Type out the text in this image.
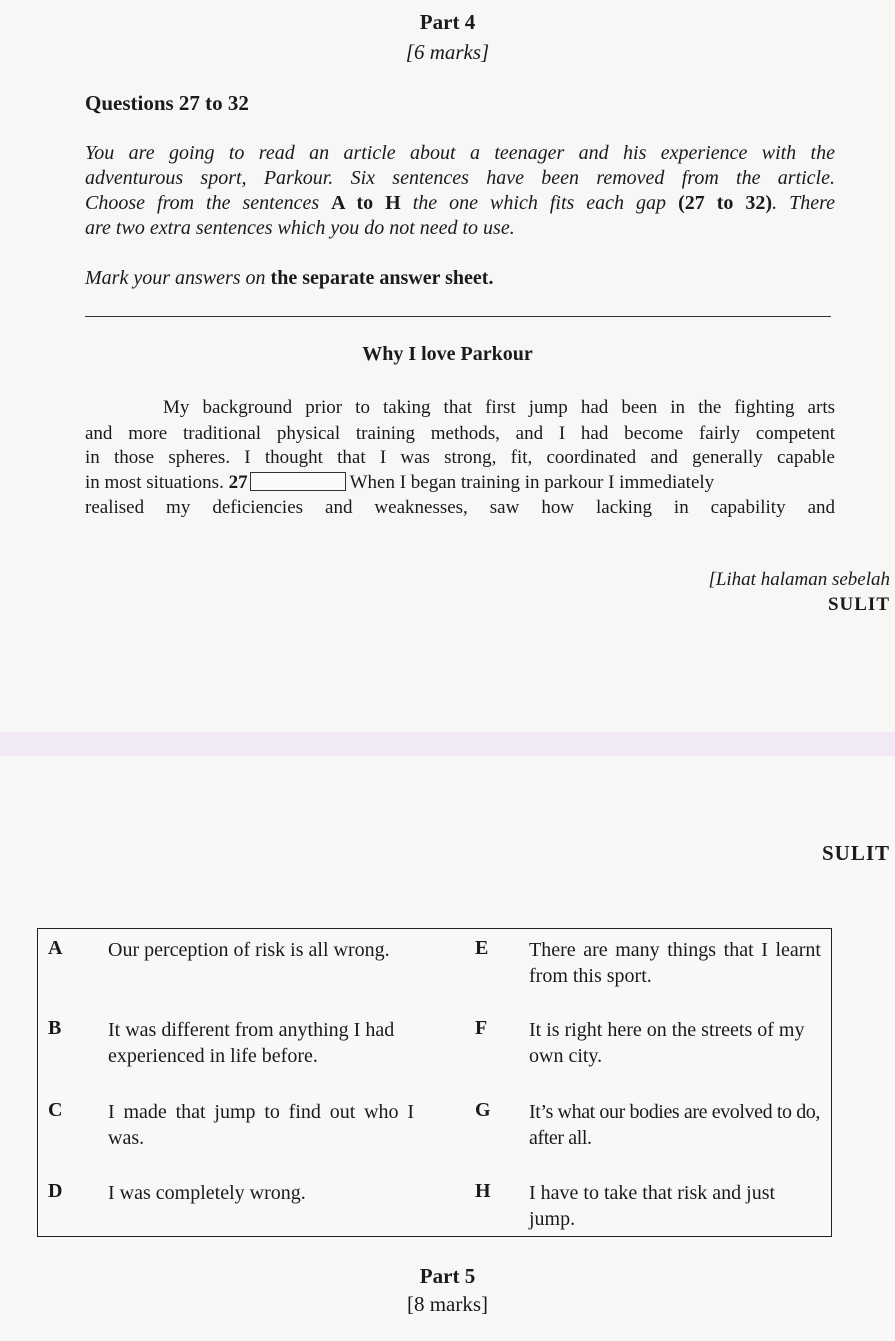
Part 4
[6 marks]
Questions 27 to 32
You are going to read an article about a teenager and his experience with the
adventurous sport, Parkour. Six sentences have been removed from the article.
Choose from the sentences A to H the one which fits each gap (27 to 32). There
are two extra sentences which you do not need to use.
Mark your answers on the separate answer sheet.
Why I love Parkour
My background prior to taking that first jump had been in the fighting arts
and more traditional physical training methods, and I had become fairly competent
in those spheres. I thought that I was strong, fit, coordinated and generally capable
in most situations. 27	When I began training in parkour I immediately
realised my deficiencies and weaknesses, saw how lacking in capability and
[Lihat halaman sebelah
SULIT
SULIT
A Our perception of risk is all wrong.
B It was different from anything I had experienced in life before.
C I made that jump to find out who I was.
D I was completely wrong.
E There are many things that I learnt from this sport.
F It is right here on the streets of my own city.
G It’s what our bodies are evolved to do, after all.
H I have to take that risk and just jump.
Part 5
[8 marks]
